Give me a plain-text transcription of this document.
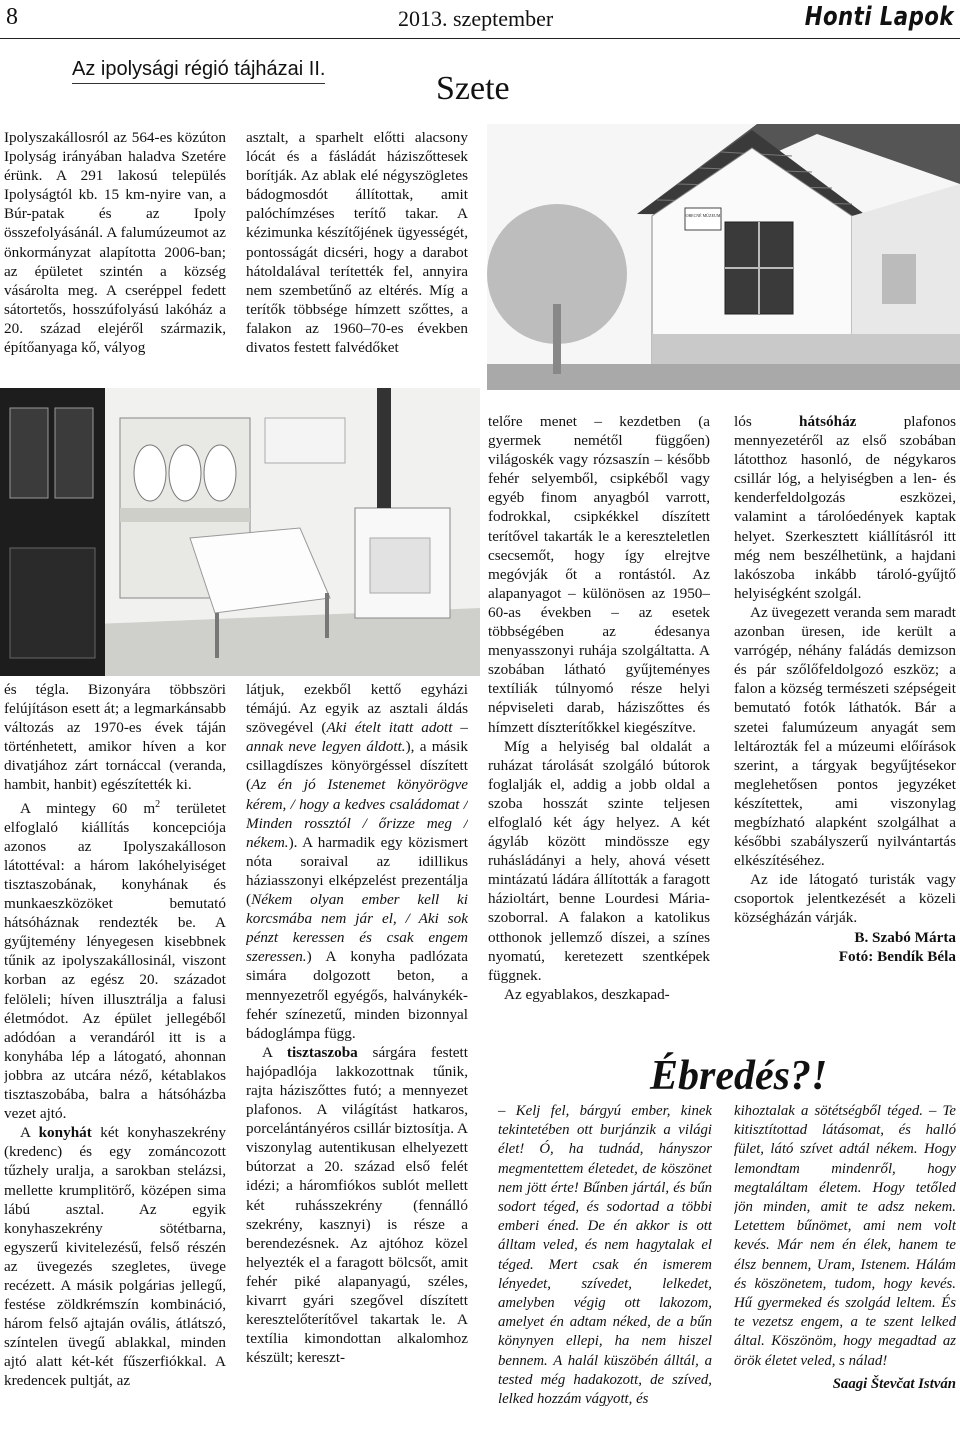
8	2013. szeptember	Honti Lapok
Az ipolysági régió tájházai II.
Szete

Ipolyszakállosról az 564-es közúton Ipolyság irányában haladva Szetére érünk. A 291 lakosú település Ipolyságtól kb. 15 km-nyire van, a Búr-patak és az Ipoly összefolyásánál. A falumúzeumot az önkormányzat alapította 2006-ban; az épületet szintén a község vásárolta meg. A cseréppel fedett sátortetős, hosszúfolyású lakóház a 20. század elejéről származik, építőanyaga kő, vályog

asztalt, a sparhelt előtti alacsony lócát és a fásládát háziszőttesek borítják. Az ablak elé négyszögletes bádogmosdót állítottak, amit palóchímzéses terítő takar. A kézimunka készítőjének ügyességét, pontosságát dicséri, hogy a darabot hátoldalával terítették fel, annyira nem szembetűnő az eltérés. Míg a terítők többsége hímzett szőttes, a falakon az 1960–70-es években divatos festett falvédőket

OBECNÉ MÚZEUM

és tégla. Bizonyára többszöri felújításon esett át; a legmarkánsabb változás az 1970-es évek táján történhetett, amikor híven a kor divatjához zárt tornáccal (veranda, hambit, hanbit) egészítették ki.

A mintegy 60 $m^2$ területet elfoglaló kiállítás koncepciója azonos az Ipolyszakálloson látottéval: a három lakóhelyiséget tisztaszobának, konyhának és munkaeszközöket bemutató hátsóháznak rendezték be. A gyűjtemény lényegesen kisebbnek tűnik az ipolyszakállosinál, viszont korban az egész 20. századot felöleli; híven illusztrálja a falusi életmódot. Az épület jellegéből adódóan a verandáról itt is a konyhába lép a látogató, ahonnan jobbra az utcára néző, kétablakos tisztaszobába, balra a hátsóházba vezet ajtó.

A konyhát két konyhaszekrény (kredenc) és egy zománcozott tűzhely uralja, a sarokban stelázsi, mellette krumplitörő, középen sima lábú asztal. Az egyik konyhaszekrény sötétbarna, egyszerű kivitelezésű, felső részén az üvegezés szegletes, üvege recézett. A másik polgárias jellegű, festése zöldkrémszín kombináció, három felső ajtaján ovális, átlátszó, színtelen üvegű ablakkal, minden ajtó alatt két-két fűszerfiókkal. A kredencek pultját, az

látjuk, ezekből kettő egyházi témájú. Az egyik az asztali áldás szövegével (Aki ételt itatt adott – annak neve legyen áldott.), a másik csillagdíszes könyörgéssel díszített (Az én jó Istenemet könyörögve kérem, / hogy a kedves családomat / Minden rossztól / őrizze meg / nékem.). A harmadik egy közismert nóta soraival az idillikus háziasszonyi elképzelést prezentálja (Nékem olyan ember kell ki korcsmába nem jár el, / Aki sok pénzt keressen és csak engem szeressen.) A konyha padlózata simára dolgozott beton, a mennyezetről egyégős, halványkék-fehér színezetű, minden bizonnyal bádoglámpa függ.

A tisztaszoba sárgára festett hajópadlója lakkozottnak tűnik, rajta háziszőttes futó; a mennyezet plafonos. A világítást hatkaros, porcelántányéros csillár biztosítja. A viszonylag autentikusan elhelyezett bútorzat a 20. század első felét idézi; a háromfiókos sublót mellett két ruhásszekrény (fennálló szekrény, kasznyi) is része a berendezésnek. Az ajtóhoz közel helyezték el a faragott bölcsőt, amit fehér piké alapanyagú, széles, kivarrt gyári szegővel díszített keresztelőterítővel takartak le. A textília kimondottan alkalomhoz készült; kereszt-

telőre menet – kezdetben (a gyermek nemétől függően) világoskék vagy rózsaszín – később fehér selyemből, csipkéből vagy egyéb finom anyagból varrott, fodrokkal, csipkékkel díszített terítővel takarták le a kereszteletlen csecsemőt, hogy így elrejtve megóvják őt a rontástól. Az alapanyagot – különösen az 1950–60-as években – az esetek többségében az édesanya menyasszonyi ruhája szolgáltatta. A szobában látható gyűjteményes textíliák túlnyomó része helyi népviseleti darab, háziszőttes és hímzett díszterítőkkel kiegészítve.

Míg a helyiség bal oldalát a ruházat tárolását szolgáló bútorok foglalják el, addig a jobb oldal a szoba hosszát szinte teljesen elfoglaló két ágy helyez. A két ágyláb között mindössze egy ruhásládányi a hely, ahová vésett mintázatú ládára állították a faragott házioltárt, benne Lourdesi Mária-szoborral. A falakon a katolikus otthonok jellemző díszei, a színes nyomatú, keretezett szentképek függnek.

Az egyablakos, deszkapad-

lós hátsóház plafonos mennyezetéről az első szobában látotthoz hasonló, de négykaros csillár lóg, a helyiségben a len- és kenderfeldolgozás eszközei, valamint a tárolóedények kaptak helyet. Szerkesztett kiállításról itt még nem beszélhetünk, a hajdani lakószoba inkább tároló-gyűjtő helyiségként szolgál.

Az üvegezett veranda sem maradt azonban üresen, ide került a varrógép, néhány faládás demizson és pár szőlőfeldolgozó eszköz; a falon a község természeti szépségeit bemutató fotók láthatók. Bár a szetei falumúzeum anyagát sem leltározták fel a múzeumi előírások szerint, a tárgyak begyűjtésekor meglehetősen pontos jegyzéket készítettek, ami viszonylag megbízható alapként szolgálhat a későbbi szabályszerű nyilvántartás elkészítéséhez.

Az ide látogató turisták vagy csoportok jelentkezését a közeli községházán várják.

B. Szabó Márta
Fotó: Bendík Béla
Ébredés?!

– Kelj fel, bárgyú ember, kinek tekintetében ott burjánzik a világi élet! Ó, ha tudnád, hányszor megmentettem életedet, de köszönet nem jött érte! Bűnben jártál, és bűn sodort téged, és sodortad a többi emberi éned. De én akkor is ott álltam veled, és nem hagytalak el téged. Mert csak én ismerem lényedet, szívedet, lelkedet, amelyben végig ott lakozom, amelyet én adtam néked, de a bűn könynyen ellepi, ha nem hiszel bennem. A halál küszöbén álltál, a tested még hadakozott, de szíved, lelked hozzám vágyott, és

kihoztalak a sötétségből téged. – Te kitisztítottad látásomat, és halló fület, látó szívet adtál nékem. Hogy lemondtam mindenről, hogy megtaláltam életem. Hogy tetőled jön minden, amit te adsz nekem. Letettem bűnömet, ami nem volt kevés. Már nem én élek, hanem te élsz bennem, Uram, Istenem. Hálám és köszönetem, tudom, hogy kevés. Hű gyermeked és szolgád leltem. És te vezetsz engem, a te szent lelked által. Köszönöm, hogy megadtad az örök életet veled, s nálad!

Saagi Števčat István
